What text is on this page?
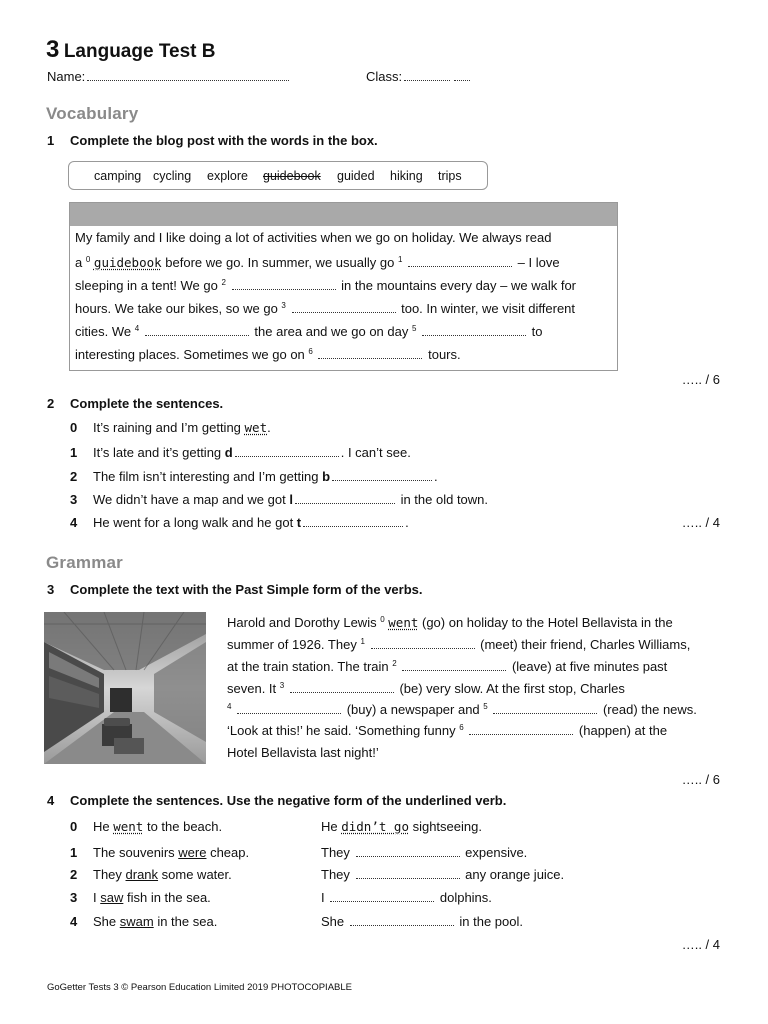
3 Language Test B
Name:	Class:
Vocabulary
1 Complete the blog post with the words in the box.
camping cycling explore guidebook guided hiking trips
My family and I like doing a lot of activities when we go on holiday. We always read
a $^0$ guidebook before we go. In summer, we usually go $^1$	– I love
sleeping in a tent! We go $^2$	in the mountains every day – we walk for
hours. We take our bikes, so we go $^3$	too. In winter, we visit different
cities. We $^4$	the area and we go on day $^5$	to
interesting places. Sometimes we go on $^6$	tours.
….. / 6
2 Complete the sentences.
0 It’s raining and I’m getting wet.
1 It’s late and it’s getting d	. I can’t see.
2 The film isn’t interesting and I’m getting b	.
3 We didn’t have a map and we got l	in the old town.
4 He went for a long walk and he got t	.	….. / 4
Grammar
3 Complete the text with the Past Simple form of the verbs.
Harold and Dorothy Lewis $^0$ went (go) on holiday to the Hotel Bellavista in the
summer of 1926. They $^1$	(meet) their friend, Charles Williams,
at the train station. The train $^2$	(leave) at five minutes past
seven. It $^3$	(be) very slow. At the first stop, Charles
$^4$	(buy) a newspaper and $^5$	(read) the news.
‘Look at this!’ he said. ‘Something funny $^6$	(happen) at the
Hotel Bellavista last night!’
….. / 6
4 Complete the sentences. Use the negative form of the underlined verb.
0 He went to the beach.	He didn’t go sightseeing.
1 The souvenirs were cheap.	They	expensive.
2 They drank some water.	They	any orange juice.
3 I saw fish in the sea.	I	dolphins.
4 She swam in the sea.	She	in the pool.
….. / 4
GoGetter Tests 3 © Pearson Education Limited 2019 PHOTOCOPIABLE
